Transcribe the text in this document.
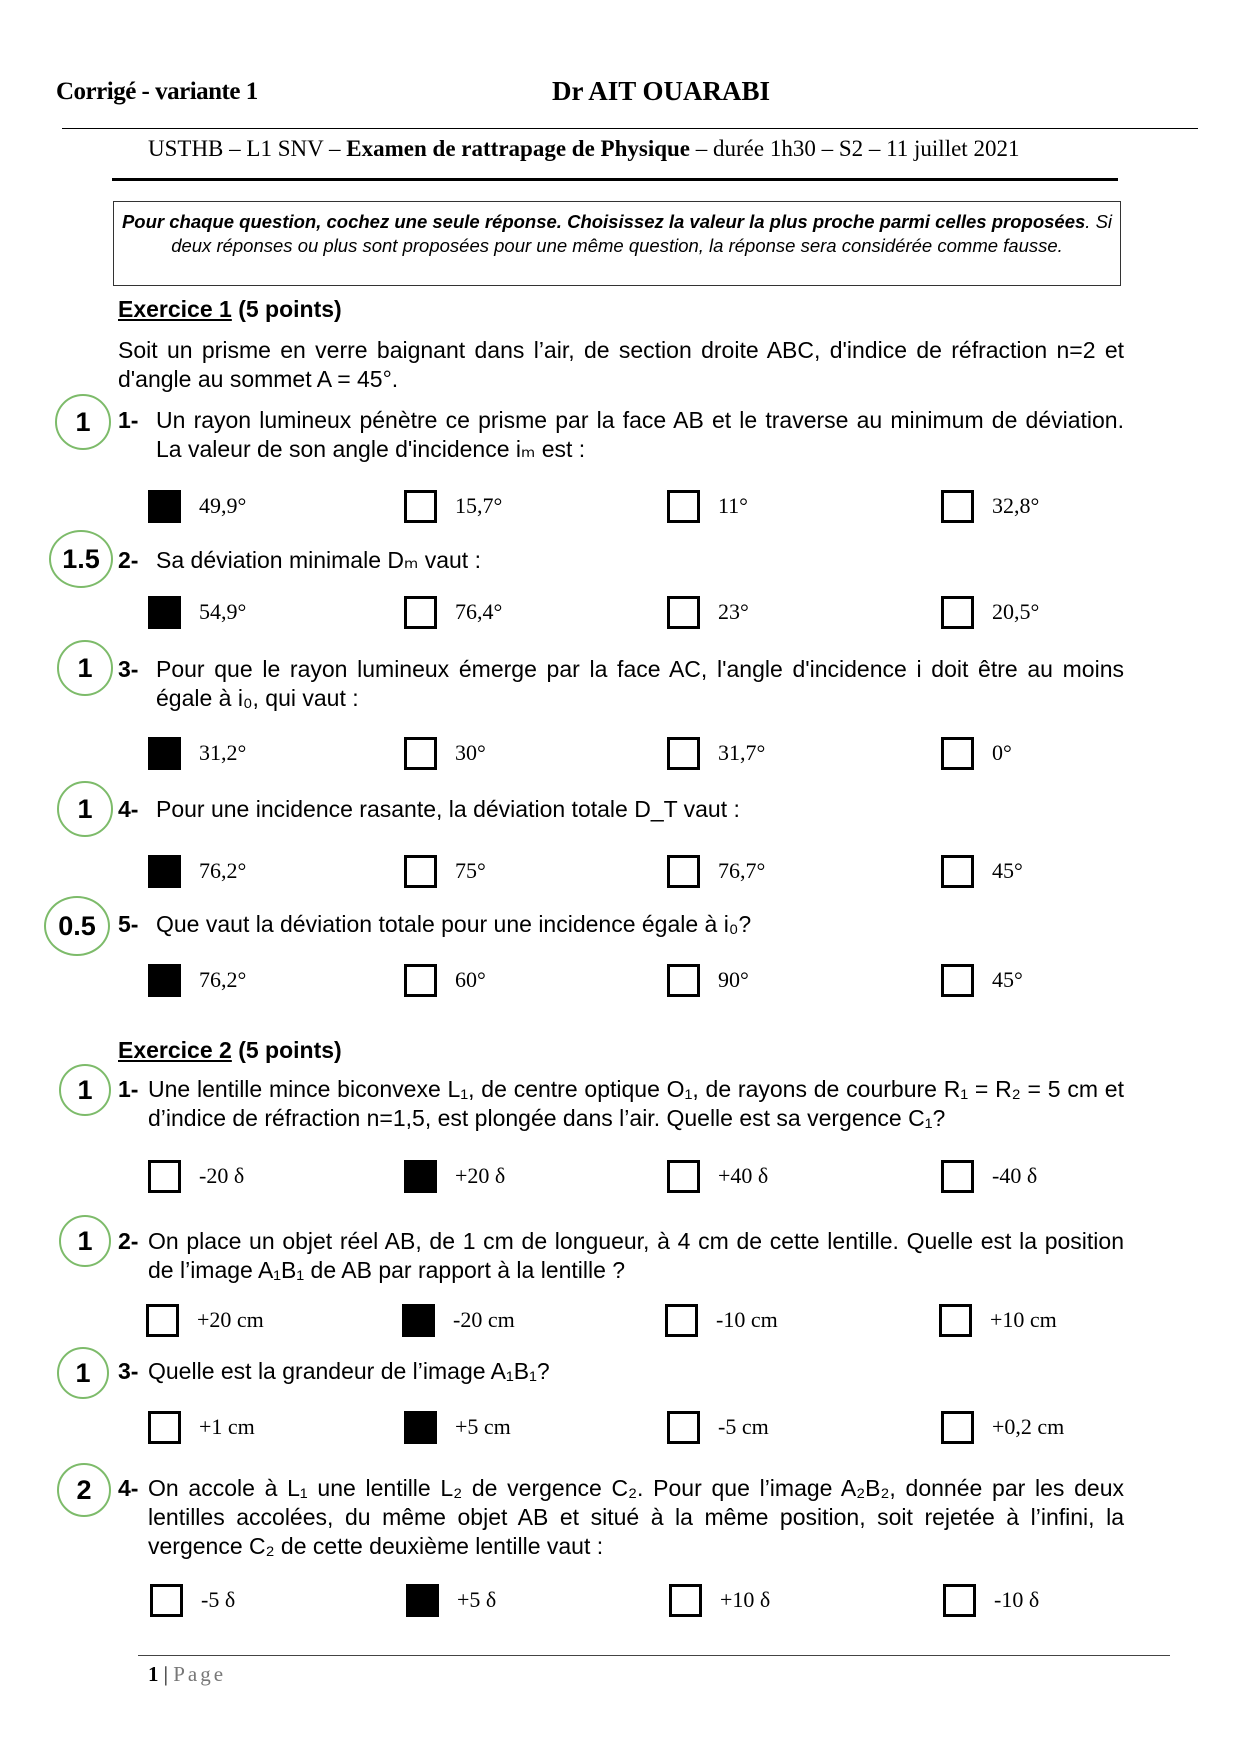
Corrigé - variante 1	Dr AIT OUARABI
USTHB – L1 SNV – Examen de rattrapage de Physique – durée 1h30 – S2 – 11 juillet 2021
Pour chaque question, cochez une seule réponse. Choisissez la valeur la plus proche parmi celles proposées. Si deux réponses ou plus sont proposées pour une même question, la réponse sera considérée comme fausse.
Exercice 1 (5 points)
Soit un prisme en verre baignant dans l’air, de section droite ABC, d'indice de réfraction n=2 et d'angle au sommet A = 45°.
1	1- Un rayon lumineux pénètre ce prisme par la face AB et le traverse au minimum de déviation. La valeur de son angle d'incidence iₘ est :
49,9°	15,7°	11°	32,8°
1.5 2- Sa déviation minimale Dₘ vaut :
54,9°	76,4°	23°	20,5°
1	3- Pour que le rayon lumineux émerge par la face AC, l'angle d'incidence i doit être au moins égale à i₀, qui vaut :
31,2°	30°	31,7°	0°
1	4- Pour une incidence rasante, la déviation totale D_T vaut :
76,2°	75°	76,7°	45°
0.5 5- Que vaut la déviation totale pour une incidence égale à i₀?
76,2°	60°	90°	45°
Exercice 2 (5 points)
1	1- Une lentille mince biconvexe L₁, de centre optique O₁, de rayons de courbure R₁ = R₂ = 5 cm et d’indice de réfraction n=1,5, est plongée dans l’air. Quelle est sa vergence C₁?
-20 δ	+20 δ	+40 δ	-40 δ
1	2- On place un objet réel AB, de 1 cm de longueur, à 4 cm de cette lentille. Quelle est la position de l’image A₁B₁ de AB par rapport à la lentille ?
+20 cm	-20 cm	-10 cm	+10 cm
1	3- Quelle est la grandeur de l’image A₁B₁?
+1 cm	+5 cm	-5 cm	+0,2 cm
2	4- On accole à L₁ une lentille L₂ de vergence C₂. Pour que l’image A₂B₂, donnée par les deux lentilles accolées, du même objet AB et situé à la même position, soit rejetée à l’infini, la vergence C₂ de cette deuxième lentille vaut :
-5 δ	+5 δ	+10 δ	-10 δ
1 | Page
